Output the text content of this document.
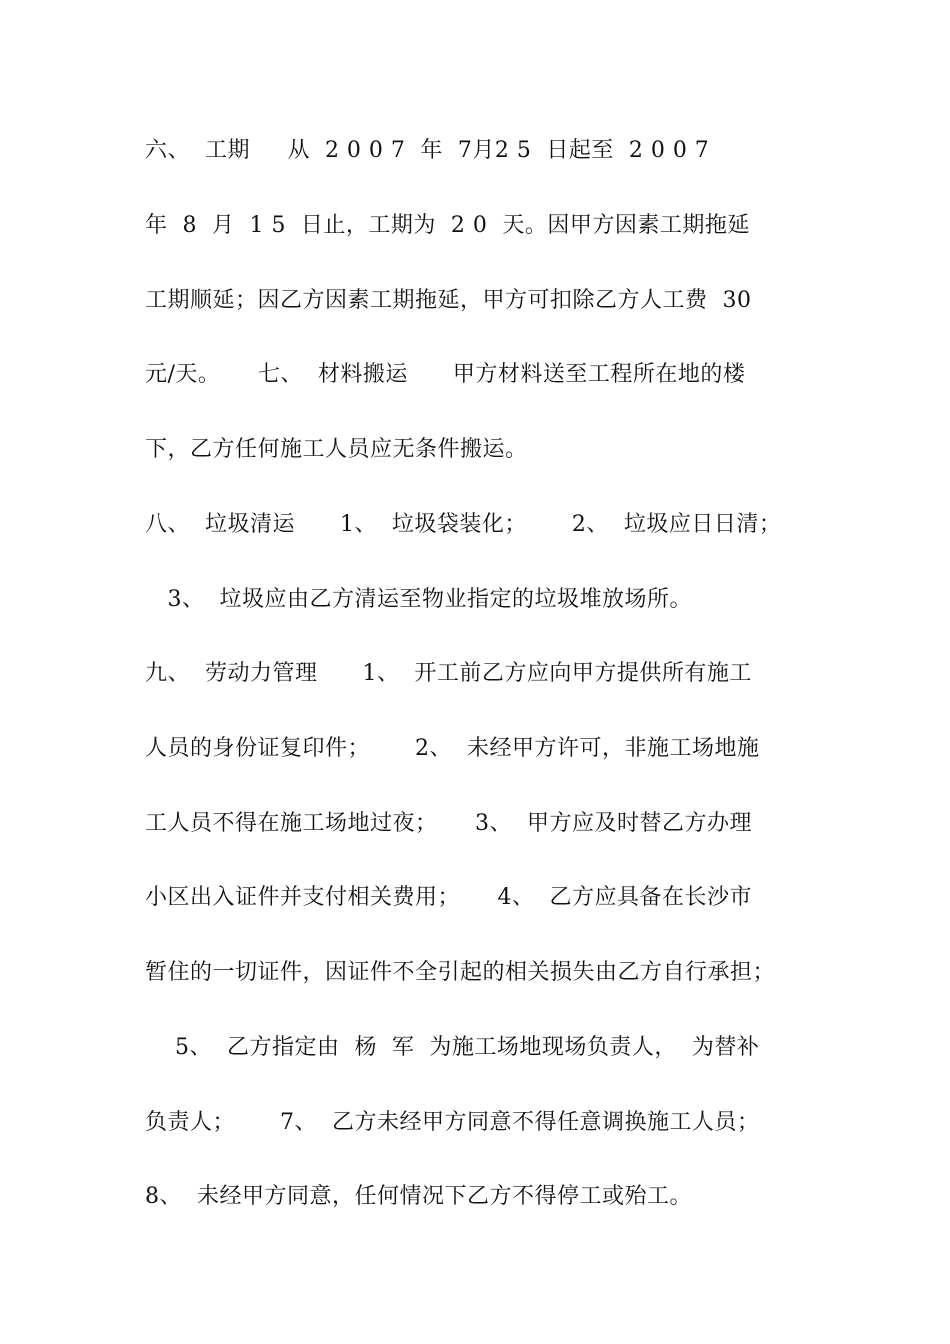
六、  工期     从  2 0 0 7  年  7月2 5  日起至  2 0 0 7

年  8  月  1 5  日止，工期为  2 0  天。因甲方因素工期拖延

工期顺延；因乙方因素工期拖延，甲方可扣除乙方人工费  30

元/天。     七、  材料搬运      甲方材料送至工程所在地的楼

下，乙方任何施工人员应无条件搬运。

八、  垃圾清运      1、  垃圾袋装化；      2、  垃圾应日日清；

3、  垃圾应由乙方清运至物业指定的垃圾堆放场所。

九、  劳动力管理      1、  开工前乙方应向甲方提供所有施工

人员的身份证复印件；      2、  未经甲方许可，非施工场地施

工人员不得在施工场地过夜；     3、  甲方应及时替乙方办理

小区出入证件并支付相关费用；     4、  乙方应具备在长沙市

暂住的一切证件，因证件不全引起的相关损失由乙方自行承担；

5、  乙方指定由  杨  军  为施工场地现场负责人，  为替补

负责人；      7、  乙方未经甲方同意不得任意调换施工人员；

8、  未经甲方同意，任何情况下乙方不得停工或殆工。
